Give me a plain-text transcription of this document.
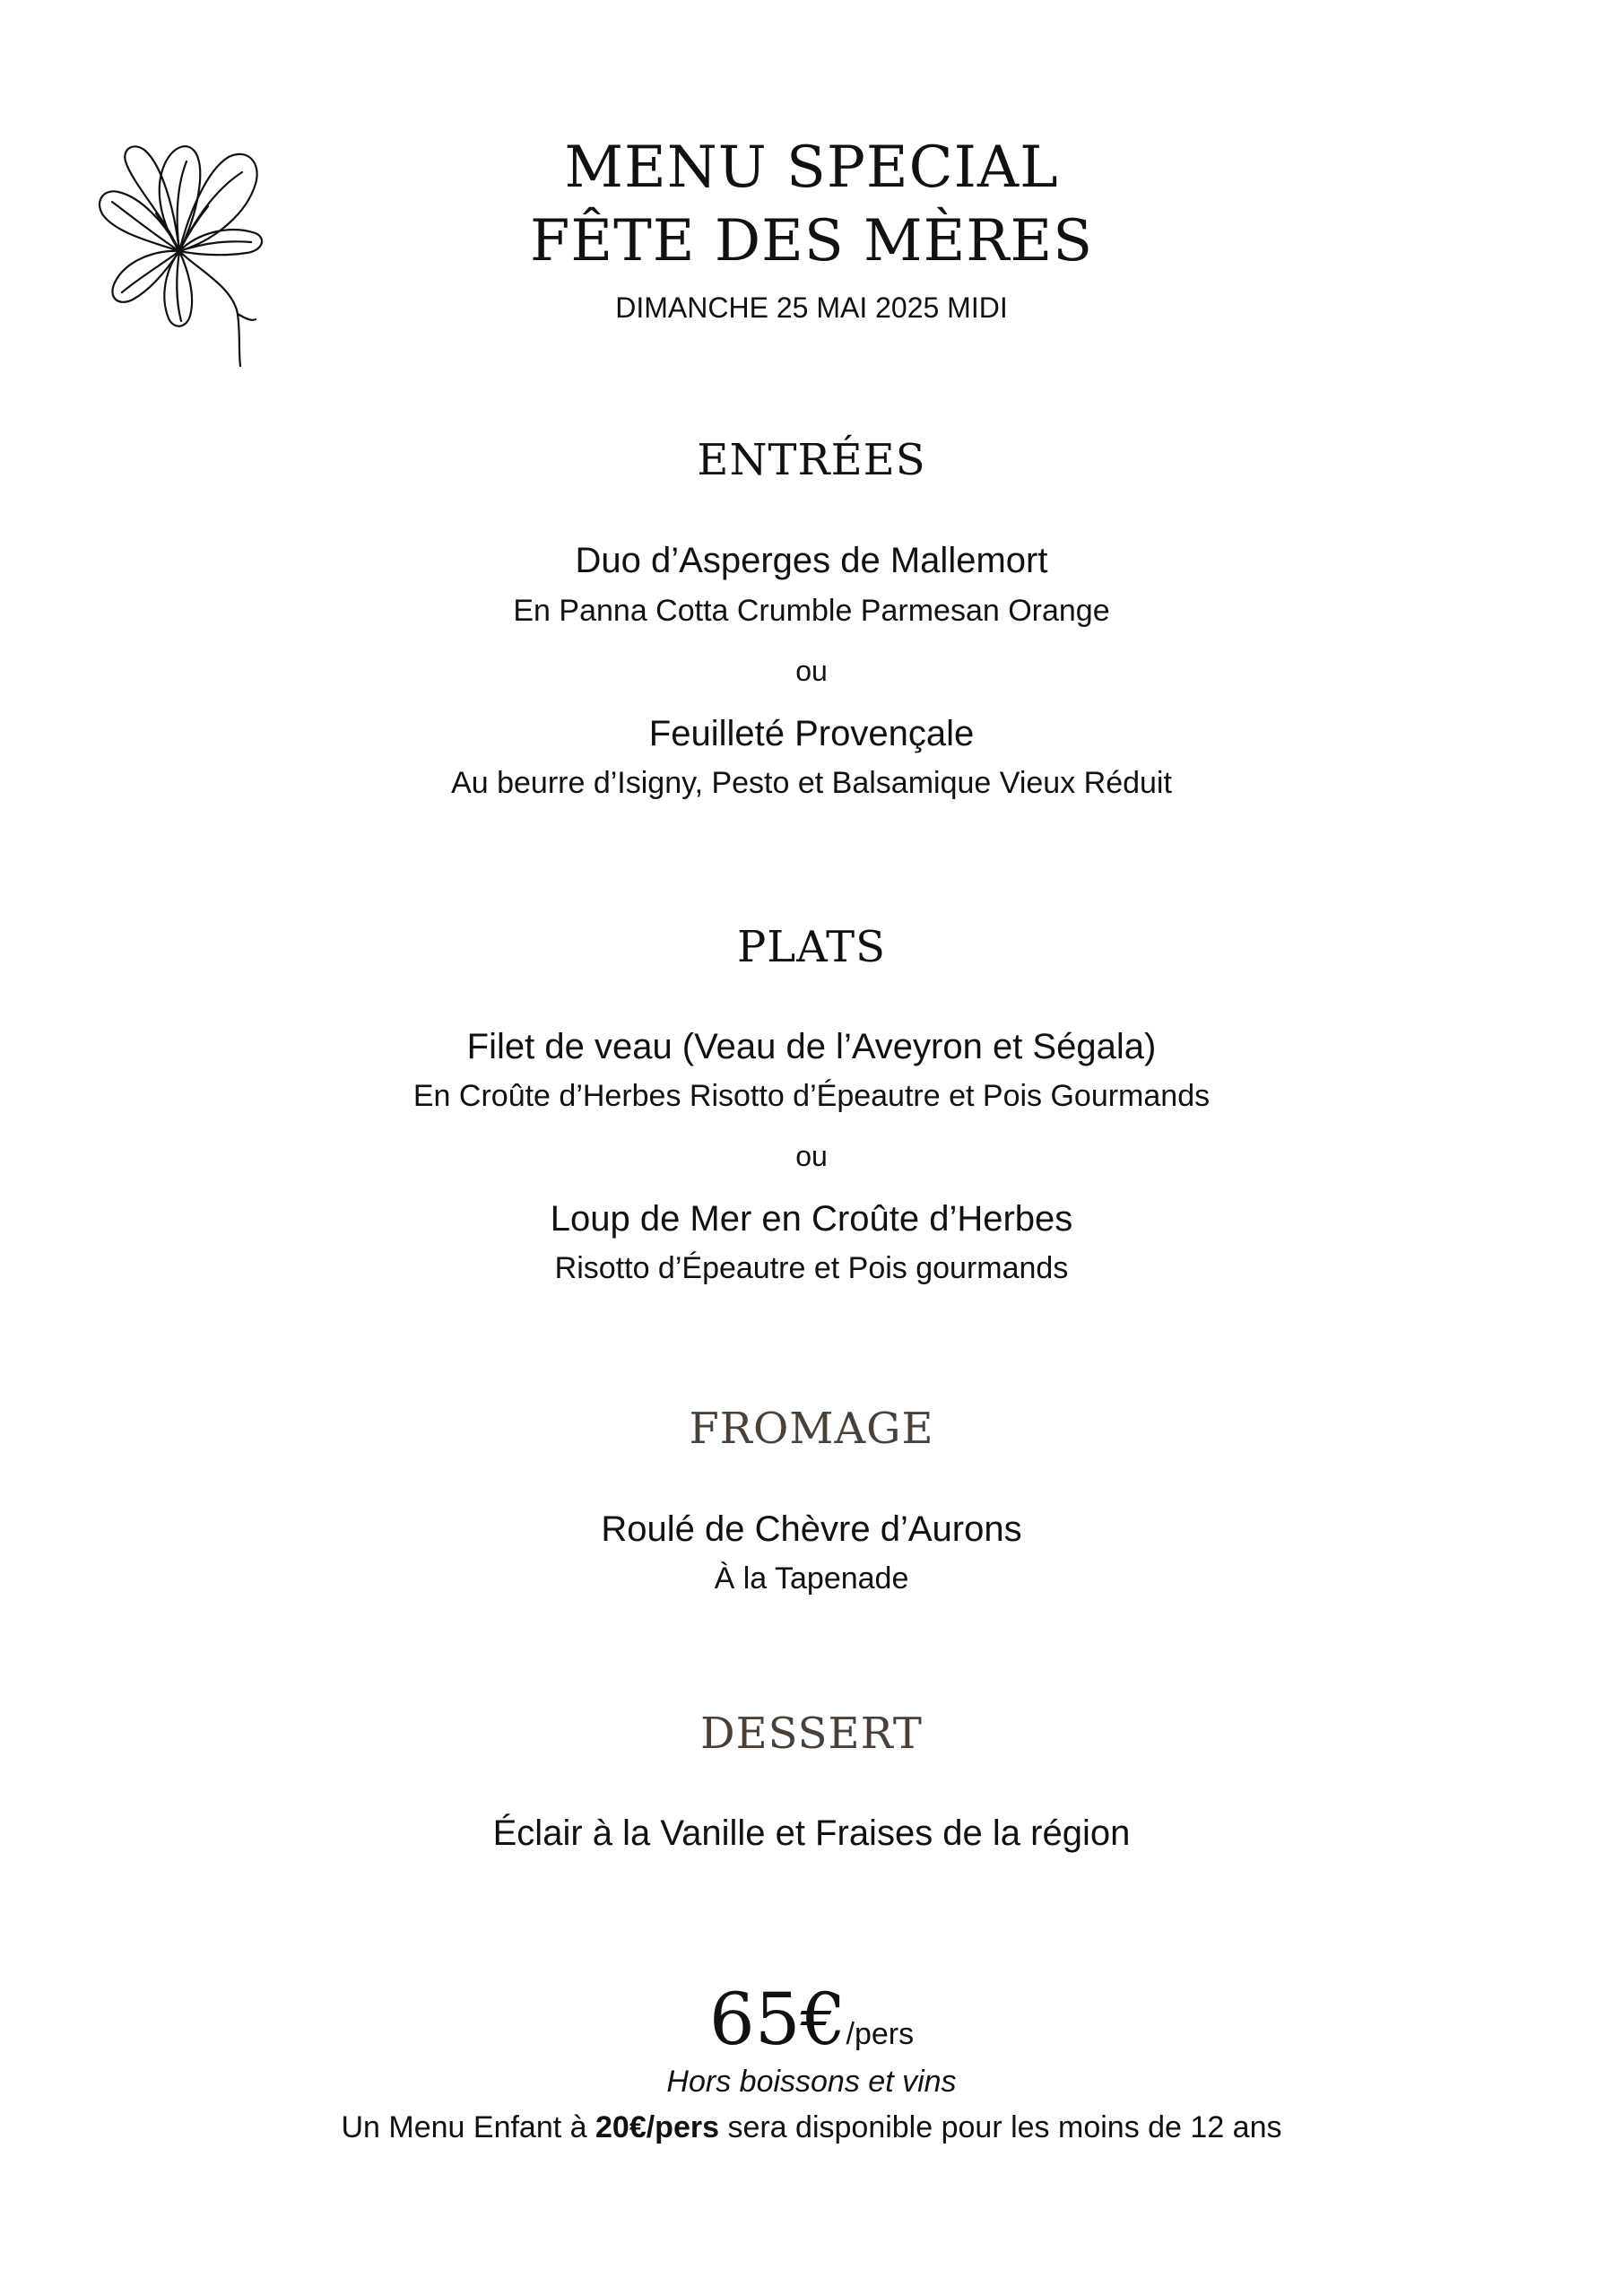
MENU SPECIAL
FÊTE DES MÈRES
DIMANCHE 25 MAI 2025 MIDI
ENTRÉES
Duo d’Asperges de Mallemort
En Panna Cotta Crumble Parmesan Orange
ou
Feuilleté Provençale
Au beurre d’Isigny, Pesto et Balsamique Vieux Réduit
PLATS
Filet de veau (Veau de l’Aveyron et Ségala)
En Croûte d’Herbes Risotto d’Épeautre et Pois Gourmands
ou
Loup de Mer en Croûte d’Herbes
Risotto d’Épeautre et Pois gourmands
FROMAGE
Roulé de Chèvre d’Aurons
À la Tapenade
DESSERT
Éclair à la Vanille et Fraises de la région
65€/pers
Hors boissons et vins
Un Menu Enfant à 20€/pers sera disponible pour les moins de 12 ans
